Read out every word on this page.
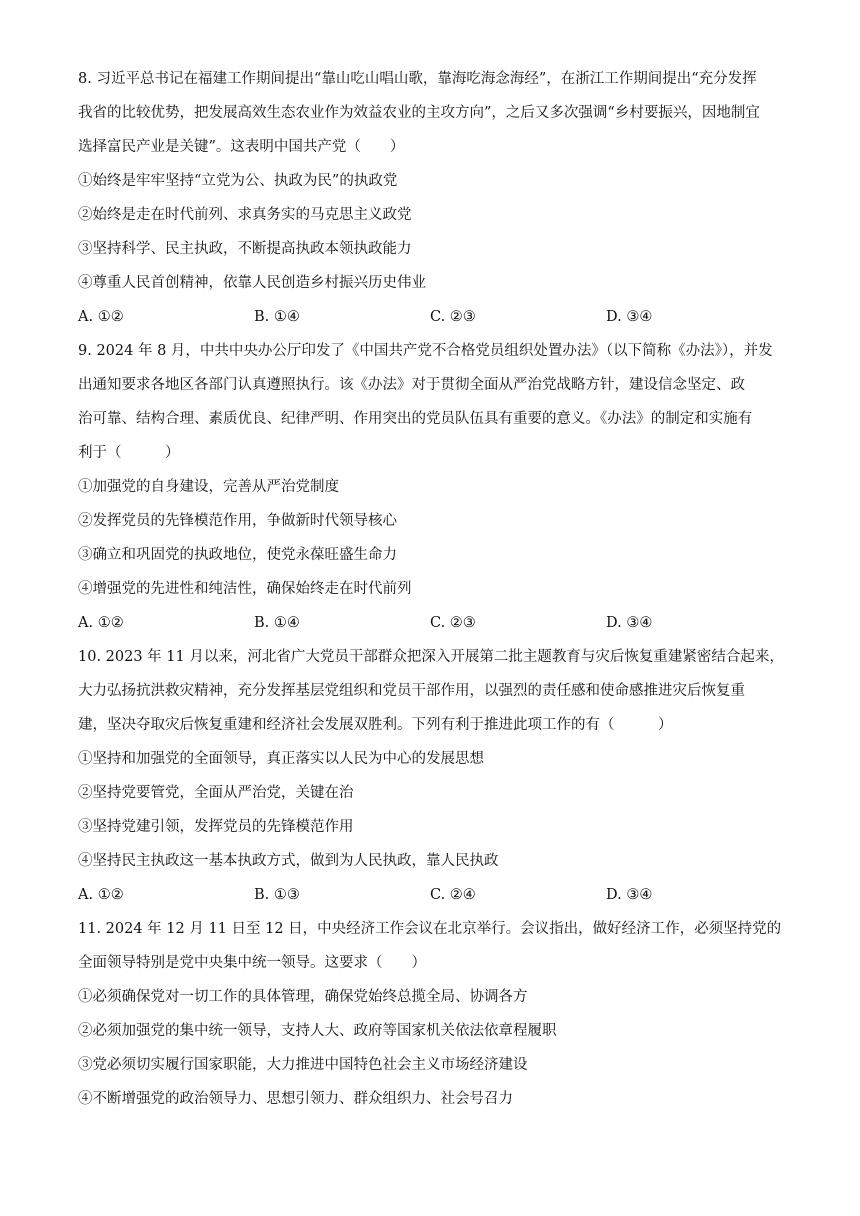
8. 习近平总书记在福建工作期间提出“靠山吃山唱山歌，靠海吃海念海经”，在浙江工作期间提出“充分发挥
我省的比较优势，把发展高效生态农业作为效益农业的主攻方向”，之后又多次强调“乡村要振兴，因地制宜
选择富民产业是关键”。这表明中国共产党（　　）
①始终是牢牢坚持“立党为公、执政为民”的执政党
②始终是走在时代前列、求真务实的马克思主义政党
③坚持科学、民主执政，不断提高执政本领执政能力
④尊重人民首创精神，依靠人民创造乡村振兴历史伟业
A. ①②	B. ①④	C. ②③	D. ③④
9. 2024 年 8 月，中共中央办公厅印发了《中国共产党不合格党员组织处置办法》（以下简称《办法》），并发
出通知要求各地区各部门认真遵照执行。该《办法》对于贯彻全面从严治党战略方针，建设信念坚定、政
治可靠、结构合理、素质优良、纪律严明、作用突出的党员队伍具有重要的意义。《办法》的制定和实施有
利于（　　　）
①加强党的自身建设，完善从严治党制度
②发挥党员的先锋模范作用，争做新时代领导核心
③确立和巩固党的执政地位，使党永葆旺盛生命力
④增强党的先进性和纯洁性，确保始终走在时代前列
A. ①②	B. ①④	C. ②③	D. ③④
10. 2023 年 11 月以来，河北省广大党员干部群众把深入开展第二批主题教育与灾后恢复重建紧密结合起来，
大力弘扬抗洪救灾精神，充分发挥基层党组织和党员干部作用，以强烈的责任感和使命感推进灾后恢复重
建，坚决夺取灾后恢复重建和经济社会发展双胜利。下列有利于推进此项工作的有（　　　）
①坚持和加强党的全面领导，真正落实以人民为中心的发展思想
②坚持党要管党，全面从严治党，关键在治
③坚持党建引领，发挥党员的先锋模范作用
④坚持民主执政这一基本执政方式，做到为人民执政，靠人民执政
A. ①②	B. ①③	C. ②④	D. ③④
11. 2024 年 12 月 11 日至 12 日，中央经济工作会议在北京举行。会议指出，做好经济工作，必须坚持党的
全面领导特别是党中央集中统一领导。这要求（　　）
①必须确保党对一切工作的具体管理，确保党始终总揽全局、协调各方
②必须加强党的集中统一领导，支持人大、政府等国家机关依法依章程履职
③党必须切实履行国家职能，大力推进中国特色社会主义市场经济建设
④不断增强党的政治领导力、思想引领力、群众组织力、社会号召力
